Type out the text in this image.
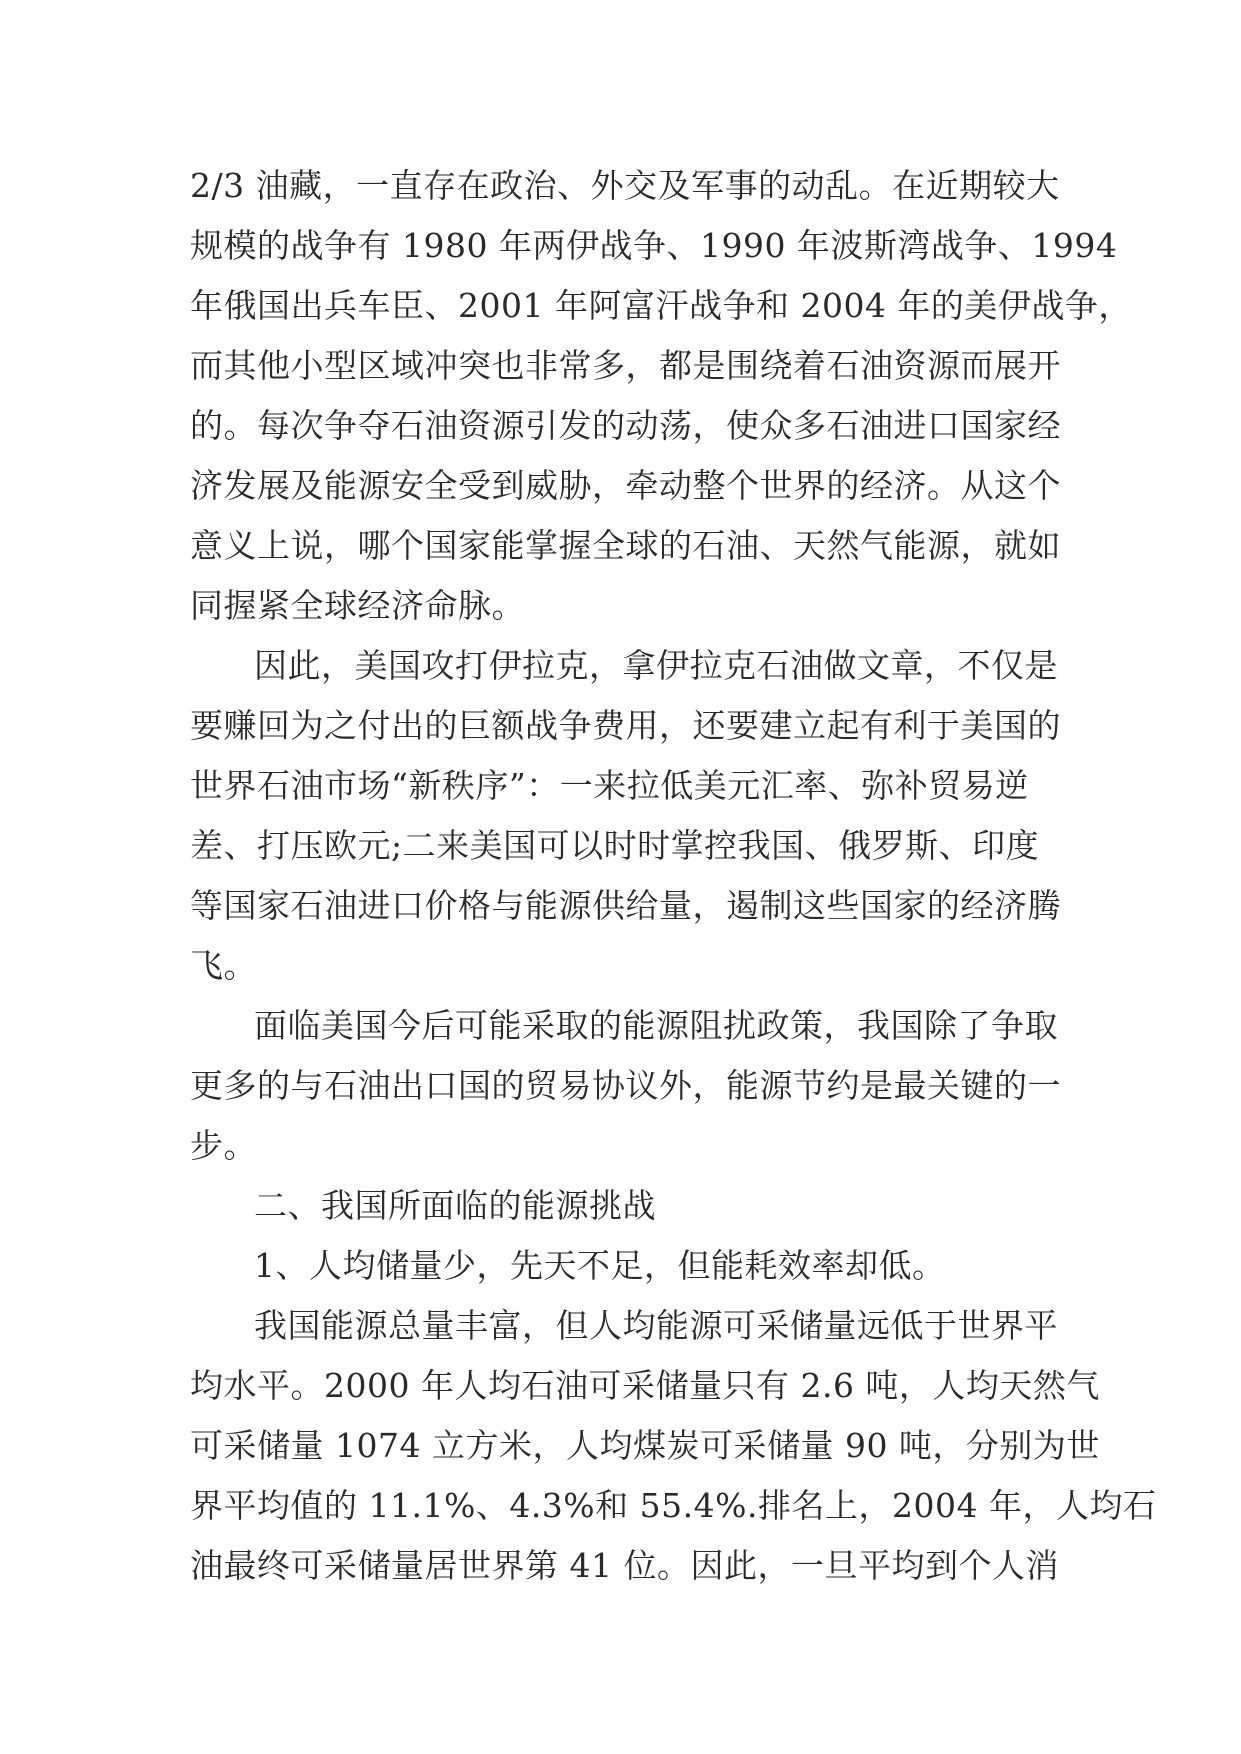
2/3 油藏，一直存在政治、外交及军事的动乱。在近期较大
规模的战争有 1980 年两伊战争、1990 年波斯湾战争、1994
年俄国出兵车臣、2001 年阿富汗战争和 2004 年的美伊战争，
而其他小型区域冲突也非常多，都是围绕着石油资源而展开
的。每次争夺石油资源引发的动荡，使众多石油进口国家经
济发展及能源安全受到威胁，牵动整个世界的经济。从这个
意义上说，哪个国家能掌握全球的石油、天然气能源，就如
同握紧全球经济命脉。
因此，美国攻打伊拉克，拿伊拉克石油做文章，不仅是
要赚回为之付出的巨额战争费用，还要建立起有利于美国的
世界石油市场“新秩序”：一来拉低美元汇率、弥补贸易逆
差、打压欧元;二来美国可以时时掌控我国、俄罗斯、印度
等国家石油进口价格与能源供给量，遏制这些国家的经济腾
飞。
面临美国今后可能采取的能源阻扰政策，我国除了争取
更多的与石油出口国的贸易协议外，能源节约是最关键的一
步。
二、我国所面临的能源挑战
1、人均储量少，先天不足，但能耗效率却低。
我国能源总量丰富，但人均能源可采储量远低于世界平
均水平。2000 年人均石油可采储量只有 2.6 吨，人均天然气
可采储量 1074 立方米，人均煤炭可采储量 90 吨，分别为世
界平均值的 11.1%、4.3%和 55.4%.排名上，2004 年，人均石
油最终可采储量居世界第 41 位。因此，一旦平均到个人消
